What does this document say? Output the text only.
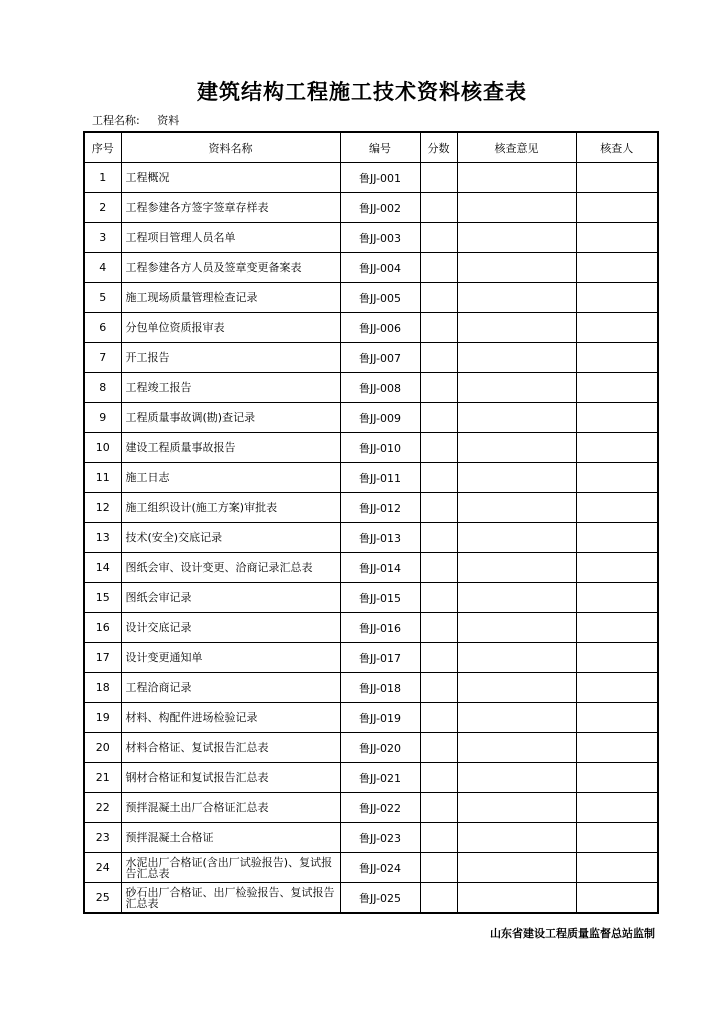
建筑结构工程施工技术资料核查表
工程名称: 资料
序号	资料名称	编号	分数	核查意见	核查人
1	工程概况	鲁JJ-001			
2	工程参建各方签字签章存样表	鲁JJ-002			
3	工程项目管理人员名单	鲁JJ-003			
4	工程参建各方人员及签章变更备案表	鲁JJ-004			
5	施工现场质量管理检查记录	鲁JJ-005			
6	分包单位资质报审表	鲁JJ-006			
7	开工报告	鲁JJ-007			
8	工程竣工报告	鲁JJ-008			
9	工程质量事故调(勘)查记录	鲁JJ-009			
10	建设工程质量事故报告	鲁JJ-010			
11	施工日志	鲁JJ-011			
12	施工组织设计(施工方案)审批表	鲁JJ-012			
13	技术(安全)交底记录	鲁JJ-013			
14	图纸会审、设计变更、洽商记录汇总表	鲁JJ-014			
15	图纸会审记录	鲁JJ-015			
16	设计交底记录	鲁JJ-016			
17	设计变更通知单	鲁JJ-017			
18	工程洽商记录	鲁JJ-018			
19	材料、构配件进场检验记录	鲁JJ-019			
20	材料合格证、复试报告汇总表	鲁JJ-020			
21	钢材合格证和复试报告汇总表	鲁JJ-021			
22	预拌混凝土出厂合格证汇总表	鲁JJ-022			
23	预拌混凝土合格证	鲁JJ-023			
24	水泥出厂合格证(含出厂试验报告)、复试报告汇总表	鲁JJ-024			
25	砂石出厂合格证、出厂检验报告、复试报告汇总表	鲁JJ-025			
山东省建设工程质量监督总站监制
